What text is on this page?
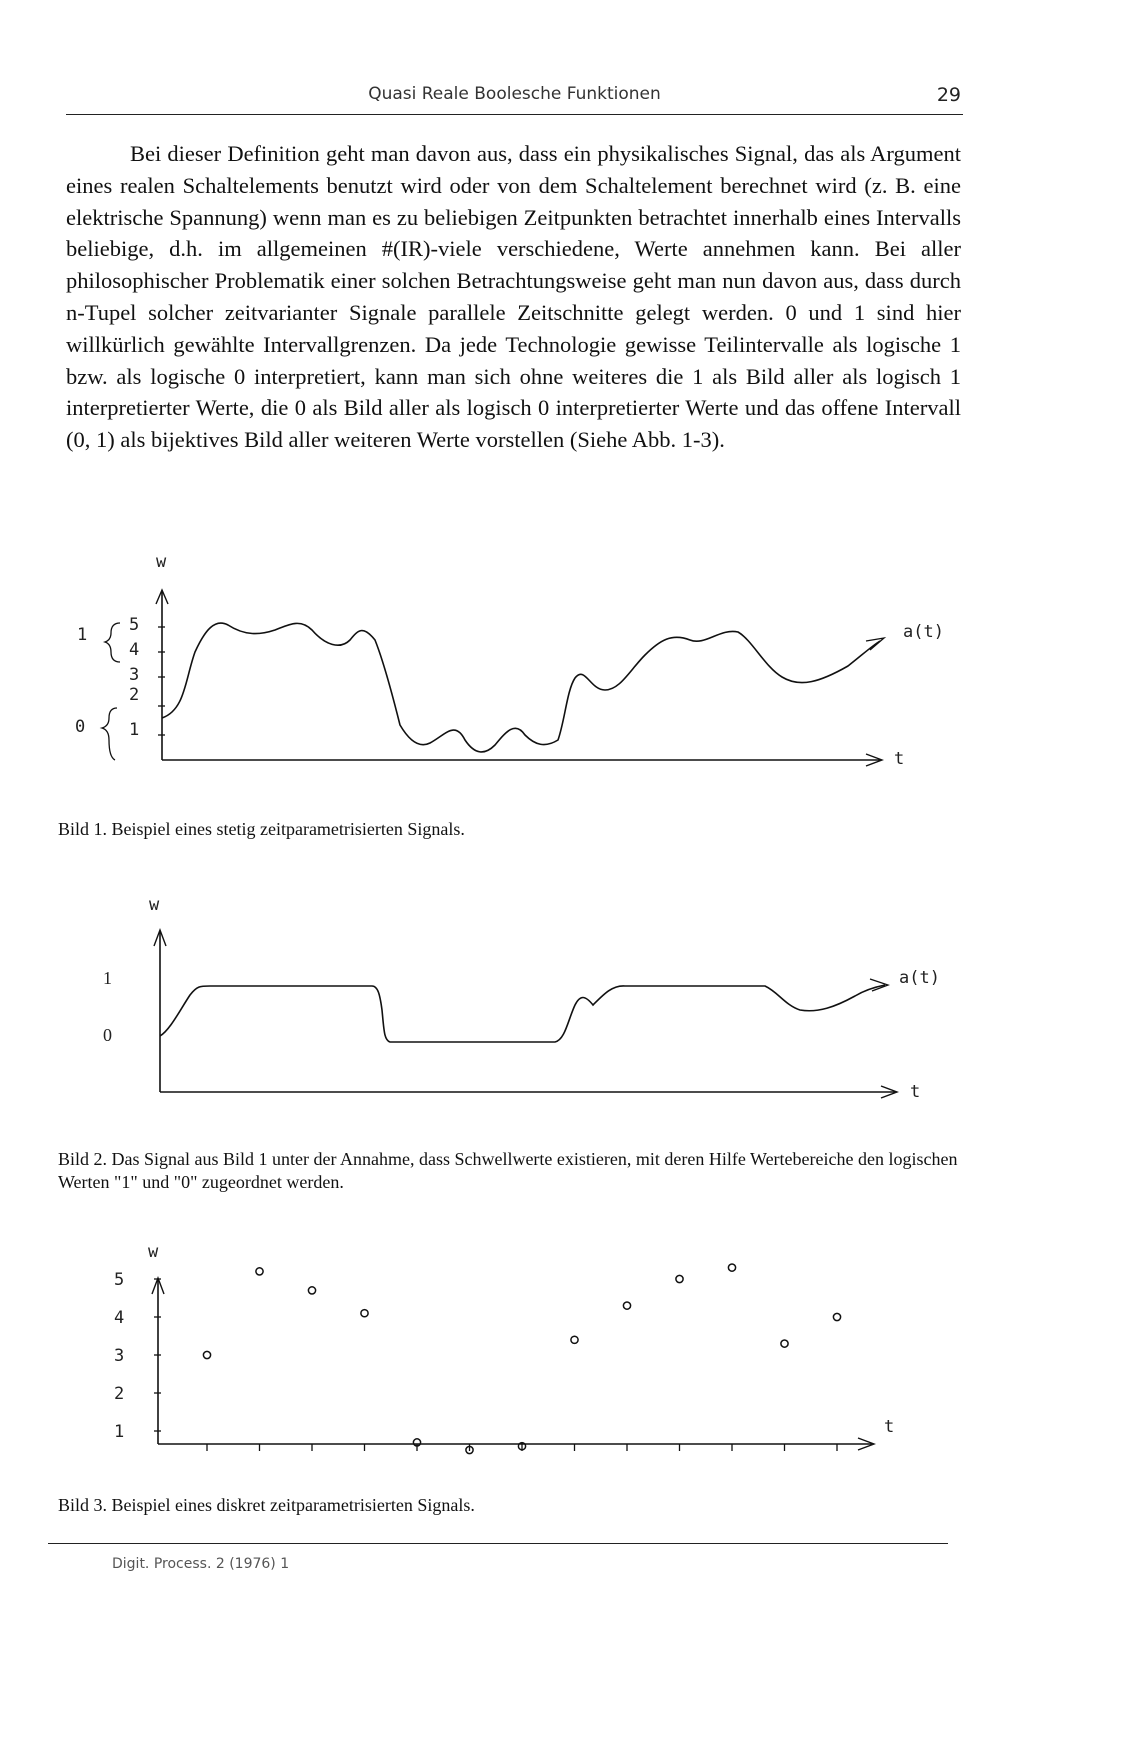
Quasi Reale Boolesche Funktionen	29

Bei dieser Definition geht man davon aus, dass ein physikalisches Signal, das als Argument eines realen Schaltelements benutzt wird oder von dem Schaltelement berechnet wird (z. B. eine elektrische Spannung) wenn man es zu beliebigen Zeitpunkten betrachtet innerhalb eines Intervalls beliebige, d.h. im allgemeinen #(IR)-viele verschiedene, Werte annehmen kann. Bei aller philosophischer Problematik einer solchen Betrachtungsweise geht man nun davon aus, dass durch n-Tupel solcher zeitvarianter Signale parallele Zeitschnitte gelegt werden. 0 und 1 sind hier willkürlich gewählte Intervallgrenzen. Da jede Technologie gewisse Teilintervalle als logische 1 bzw. als logische 0 interpretiert, kann man sich ohne weiteres die 1 als Bild aller als logisch 1 interpretierter Werte, die 0 als Bild aller als logisch 0 interpretierter Werte und das offene Intervall (0, 1) als bijektives Bild aller weiteren Werte vorstellen (Siehe Abb. 1-3).

w
t
5
4
3
2
1
1
0
a(t)
Bild 1. Beispiel eines stetig zeitparametrisierten Signals.
w
t
1
0
a(t)
Bild 2. Das Signal aus Bild 1 unter der Annahme, dass Schwellwerte existieren, mit deren Hilfe Wertebereiche den logischen Werten "1" und "0" zugeordnet werden.
w
t
1
2
3
4
5
Bild 3. Beispiel eines diskret zeitparametrisierten Signals.
Digit. Process. 2 (1976) 1
